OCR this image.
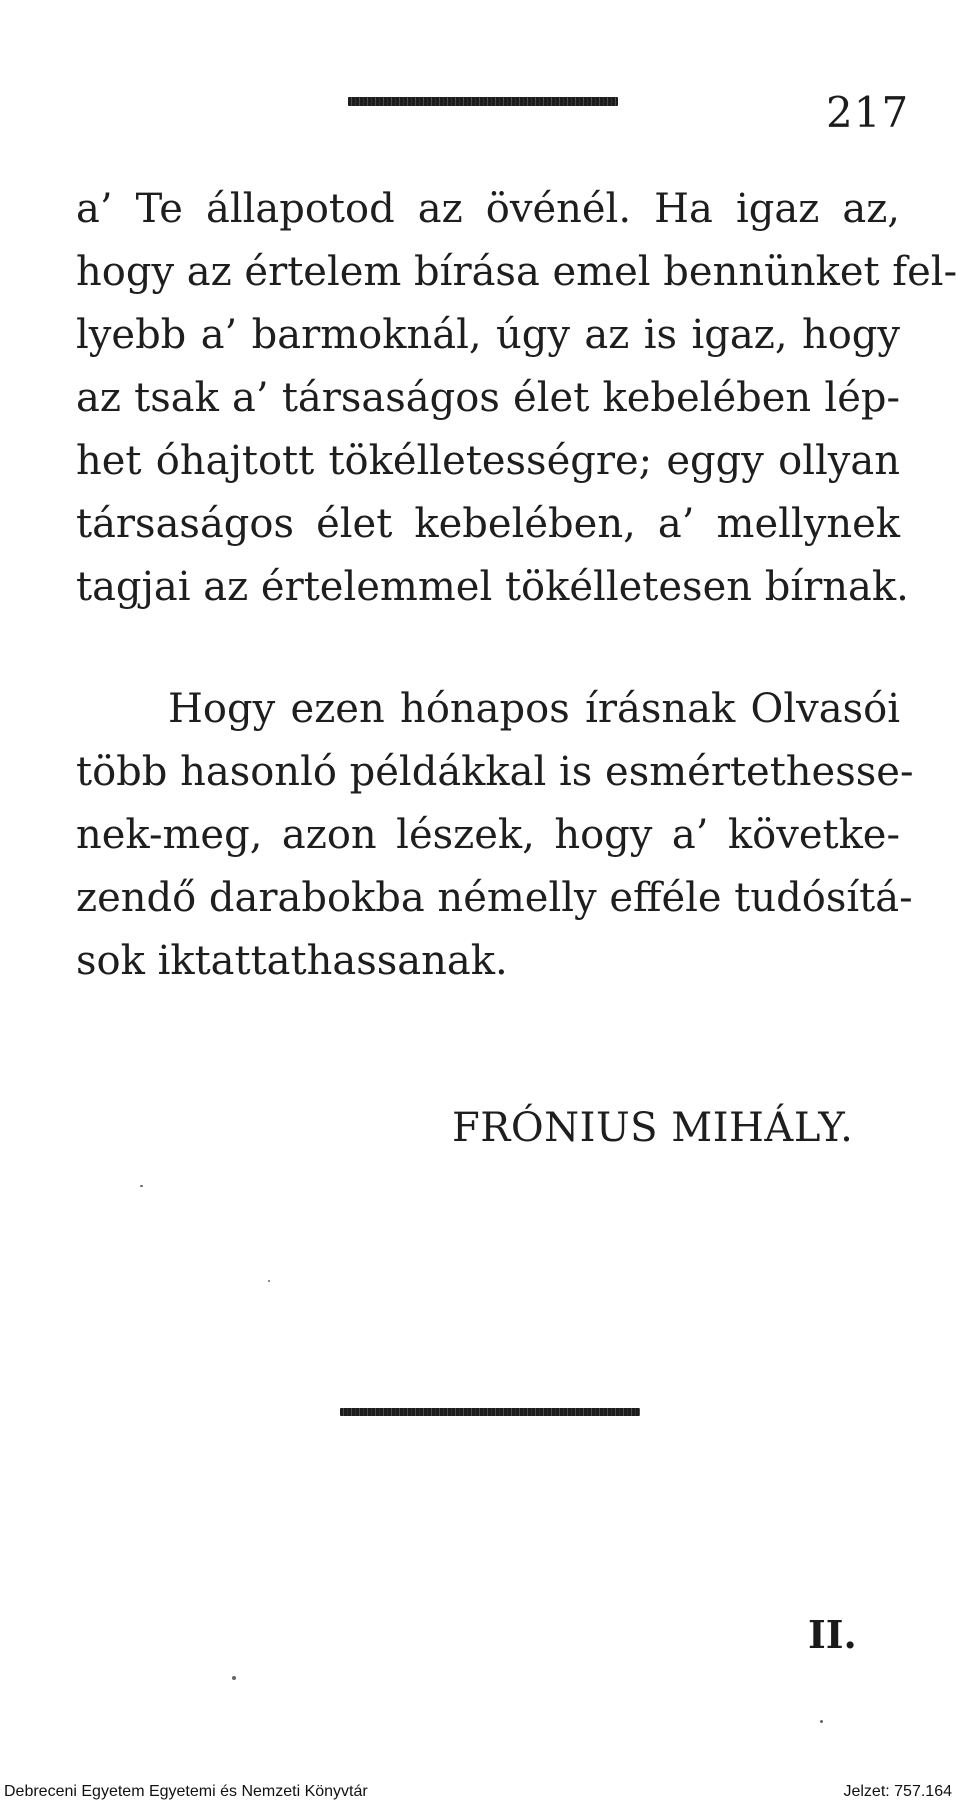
217
a’ Te állapotod az övénél. Ha igaz az,
hogy az értelem bírása emel bennünket fel-
lyebb a’ barmoknál, úgy az is igaz, hogy
az tsak a’ társaságos élet kebelében lép-
het óhajtott tökélletességre; eggy ollyan
társaságos élet kebelében, a’ mellynek
tagjai az értelemmel tökélletesen bírnak.
Hogy ezen hónapos írásnak Olvasói
több hasonló példákkal is esmértethesse-
nek-meg, azon lészek, hogy a’ követke-
zendő darabokba némelly efféle tudósítá-
sok iktattathassanak.
FRÓNIUS MIHÁLY.
II.
Debreceni Egyetem Egyetemi és Nemzeti Könyvtár	Jelzet: 757.164
